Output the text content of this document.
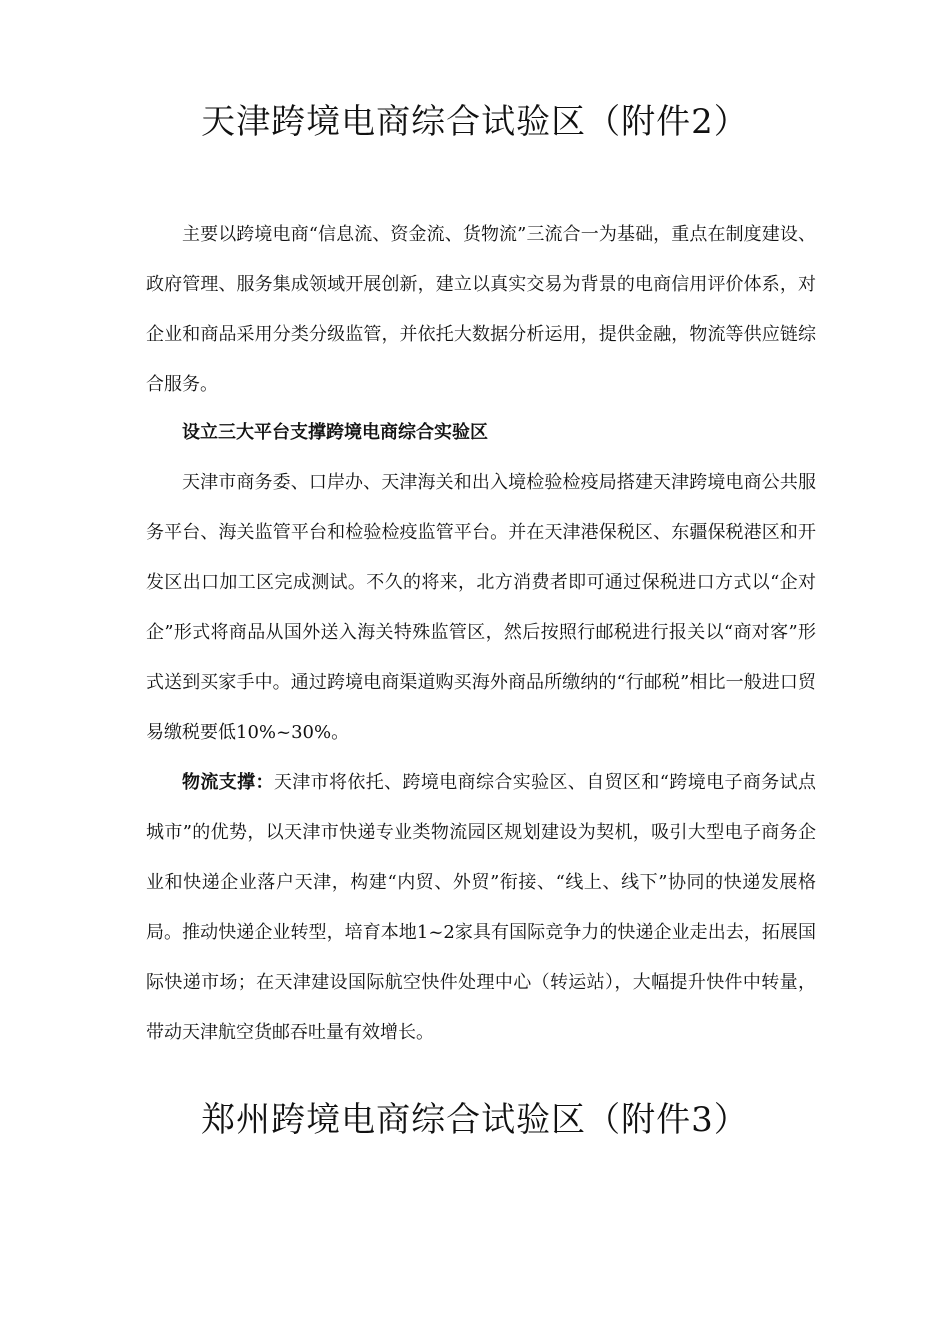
天津跨境电商综合试验区（附件2）

主要以跨境电商“信息流、资金流、货物流”三流合一为基础，重点在制度建设、政府管理、服务集成领域开展创新，建立以真实交易为背景的电商信用评价体系，对企业和商品采用分类分级监管，并依托大数据分析运用，提供金融，物流等供应链综合服务。

设立三大平台支撑跨境电商综合实验区

天津市商务委、口岸办、天津海关和出入境检验检疫局搭建天津跨境电商公共服务平台、海关监管平台和检验检疫监管平台。并在天津港保税区、东疆保税港区和开发区出口加工区完成测试。不久的将来，北方消费者即可通过保税进口方式以“企对企”形式将商品从国外送入海关特殊监管区，然后按照行邮税进行报关以“商对客”形式送到买家手中。通过跨境电商渠道购买海外商品所缴纳的“行邮税”相比一般进口贸易缴税要低10%~30%。

物流支撑：天津市将依托、跨境电商综合实验区、自贸区和“跨境电子商务试点城市”的优势，以天津市快递专业类物流园区规划建设为契机，吸引大型电子商务企业和快递企业落户天津，构建“内贸、外贸”衔接、“线上、线下”协同的快递发展格局。推动快递企业转型，培育本地1~2家具有国际竞争力的快递企业走出去，拓展国际快递市场；在天津建设国际航空快件处理中心（转运站），大幅提升快件中转量，带动天津航空货邮吞吐量有效增长。

郑州跨境电商综合试验区（附件3）
